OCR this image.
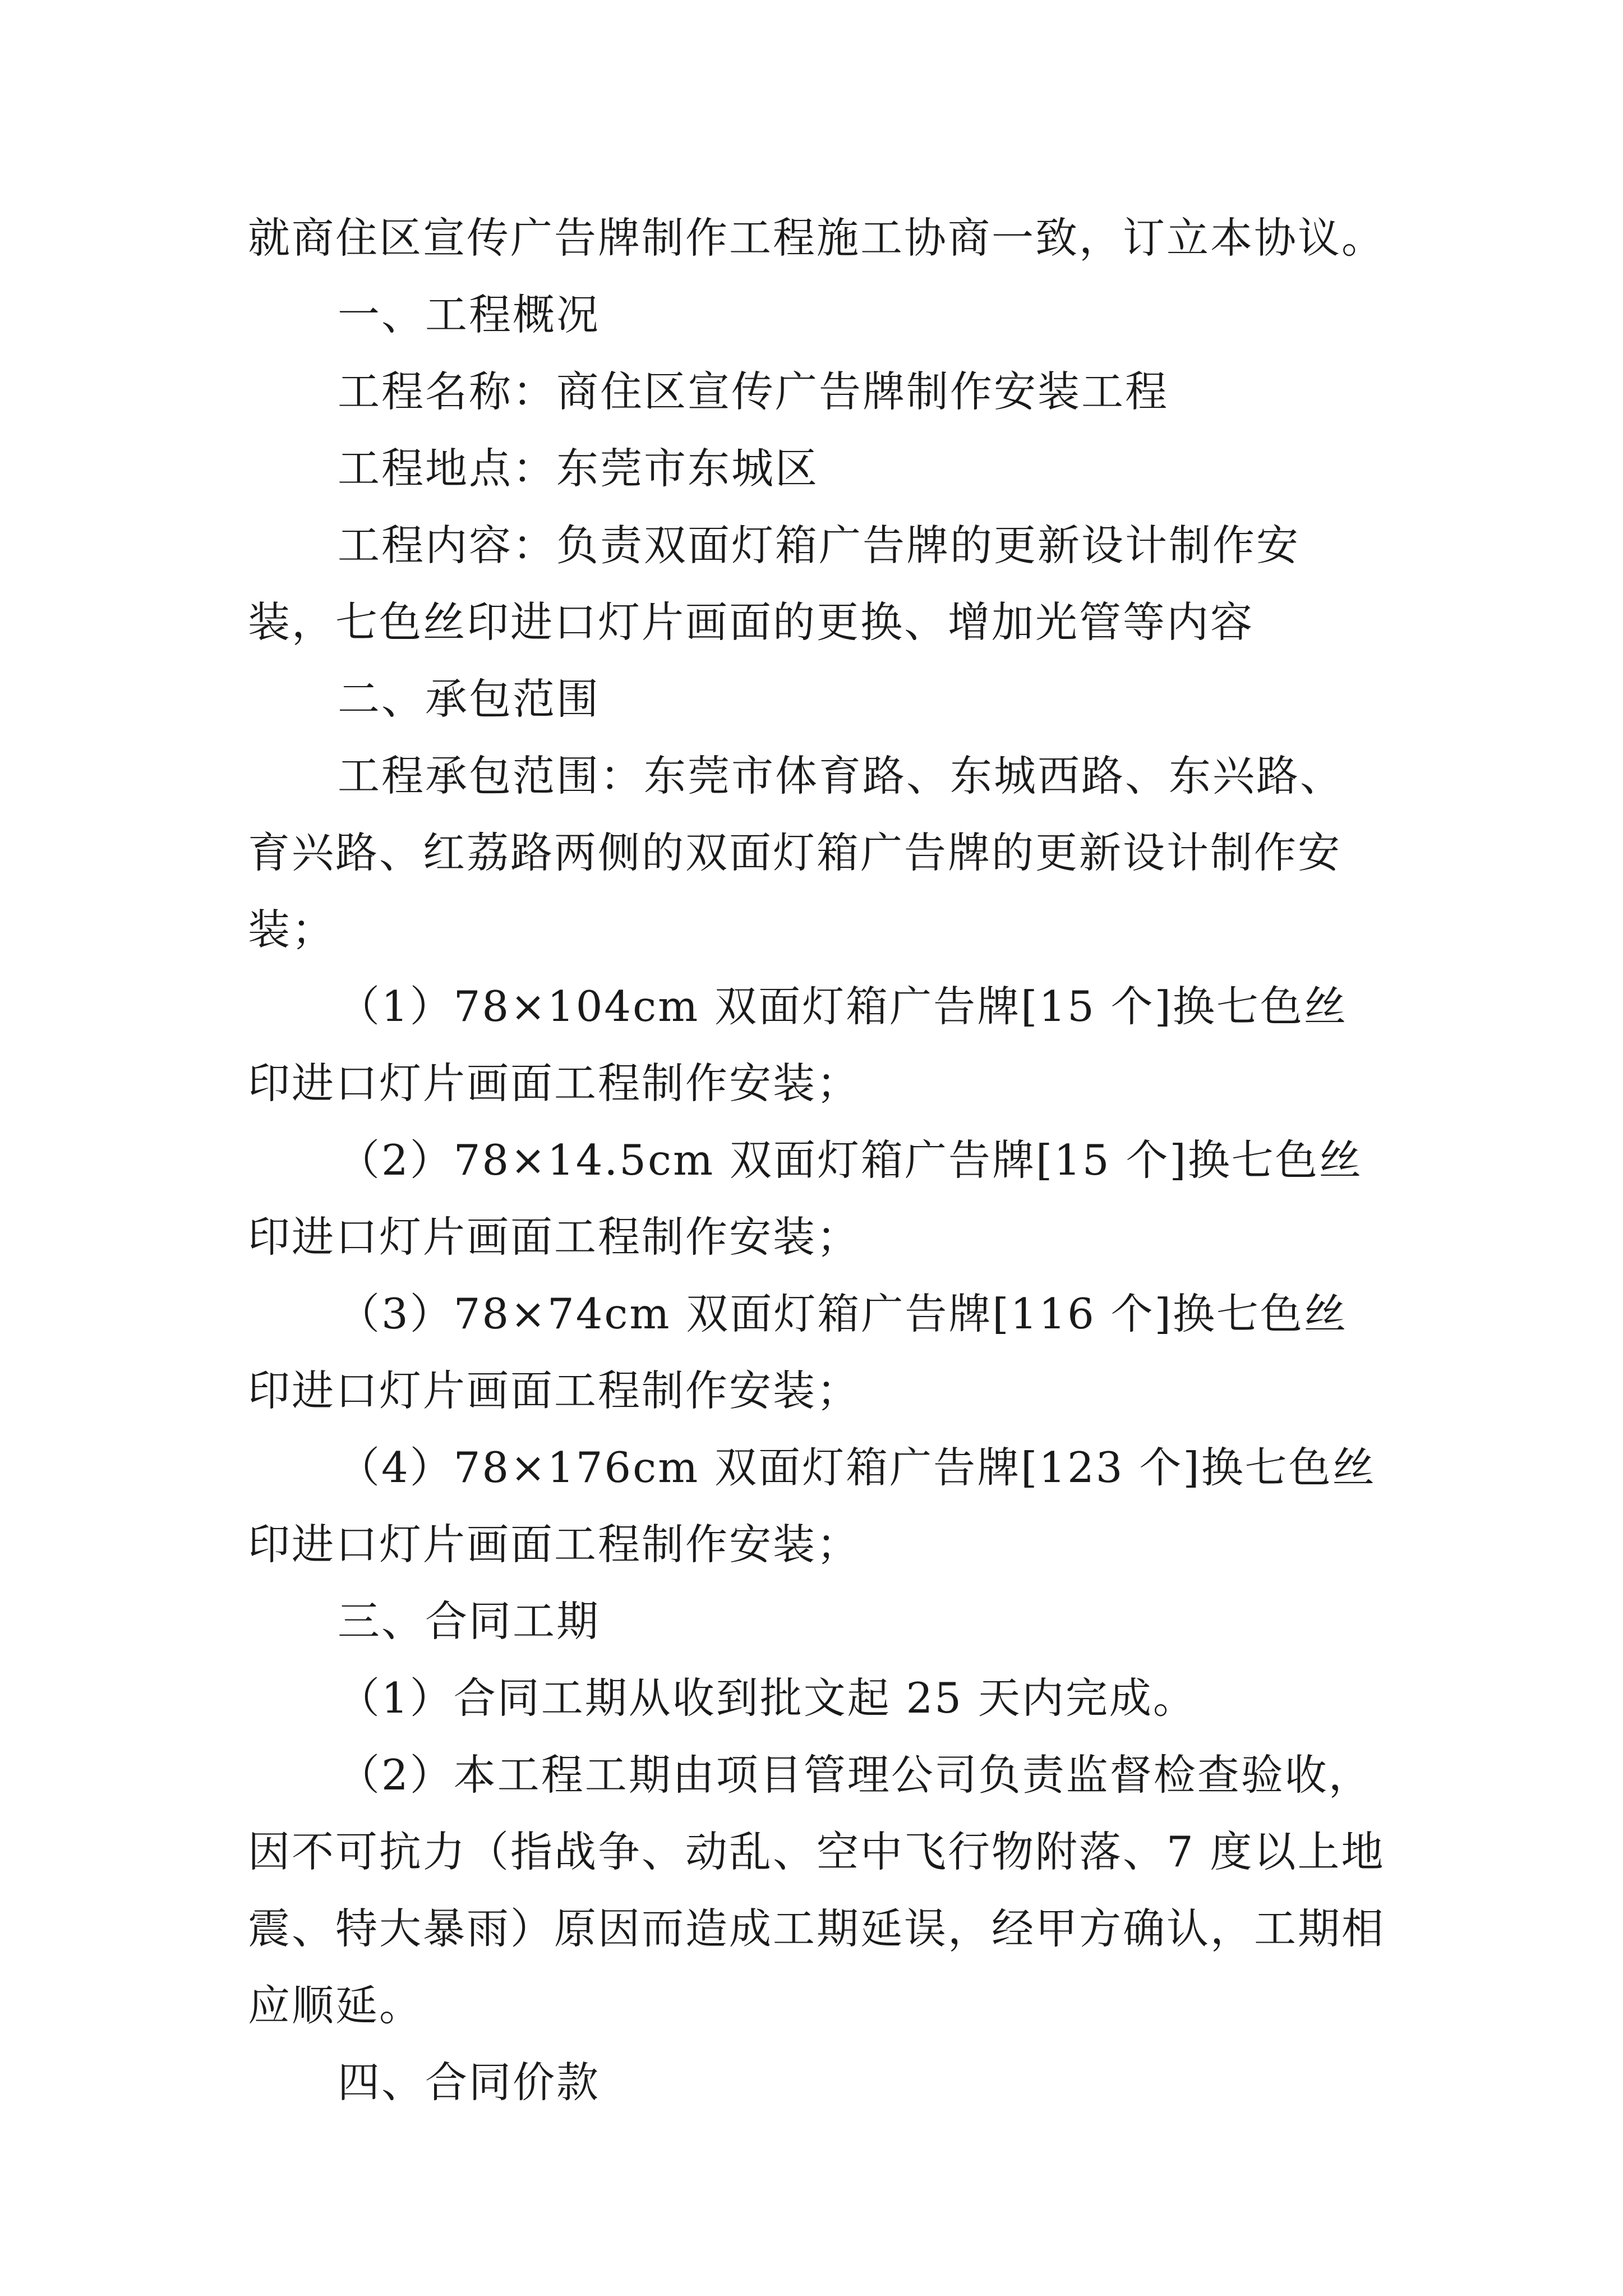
就商住区宣传广告牌制作工程施工协商一致，订立本协议。

一、工程概况

工程名称：商住区宣传广告牌制作安装工程

工程地点：东莞市东城区

工程内容：负责双面灯箱广告牌的更新设计制作安装，七色丝印进口灯片画面的更换、增加光管等内容

二、承包范围

工程承包范围：东莞市体育路、东城西路、东兴路、育兴路、红荔路两侧的双面灯箱广告牌的更新设计制作安装；

（1）78×104cm 双面灯箱广告牌[15 个]换七色丝印进口灯片画面工程制作安装；

（2）78×14.5cm 双面灯箱广告牌[15 个]换七色丝印进口灯片画面工程制作安装；

（3）78×74cm 双面灯箱广告牌[116 个]换七色丝印进口灯片画面工程制作安装；

（4）78×176cm 双面灯箱广告牌[123 个]换七色丝印进口灯片画面工程制作安装；

三、合同工期

（1）合同工期从收到批文起 25 天内完成。

（2）本工程工期由项目管理公司负责监督检查验收，因不可抗力（指战争、动乱、空中飞行物附落、7 度以上地震、特大暴雨）原因而造成工期延误，经甲方确认，工期相应顺延。

四、合同价款
